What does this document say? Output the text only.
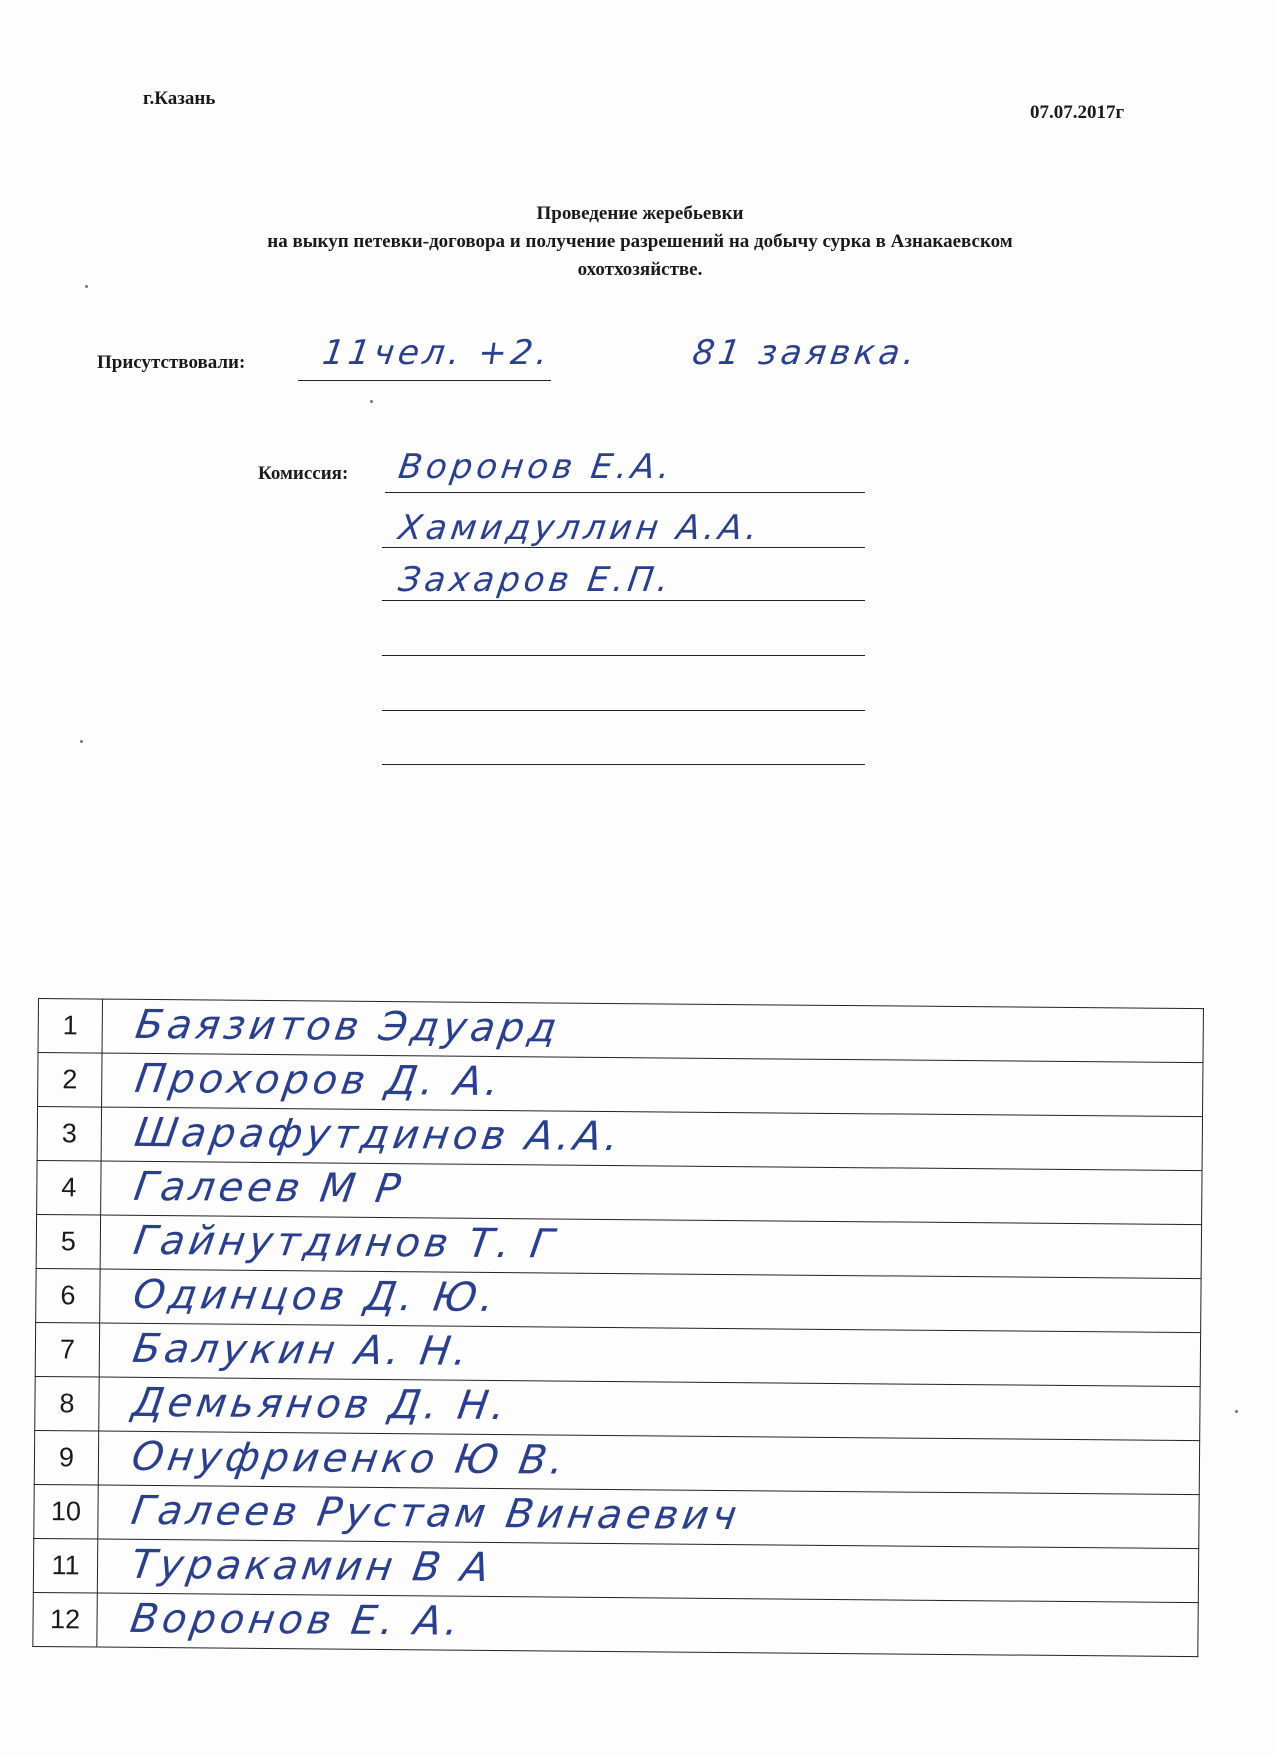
г.Казань
07.07.2017г
Проведение жеребьевки
на выкуп петевки-договора и получение разрешений на добычу сурка в Азнакаевском
охотхозяйстве.
Присутствовали: 11чел. +2.	81 заявка.
Комиссия: Воронов Е.А.
Хамидуллин А.А.
Захаров Е.П.
1	Баязитов Эдуард

2	Прохоров Д. А.

3	Шарафутдинов А.А.

4	Галеев М Р

5	Гайнутдинов Т. Г

6	Одинцов Д. Ю.

7	Балукин А. Н.

8	Демьянов Д. Н.

9	Онуфриенко Ю В.

10	Галеев Рустам Винаевич

11	Туракамин В А

12	Воронов Е. А.
